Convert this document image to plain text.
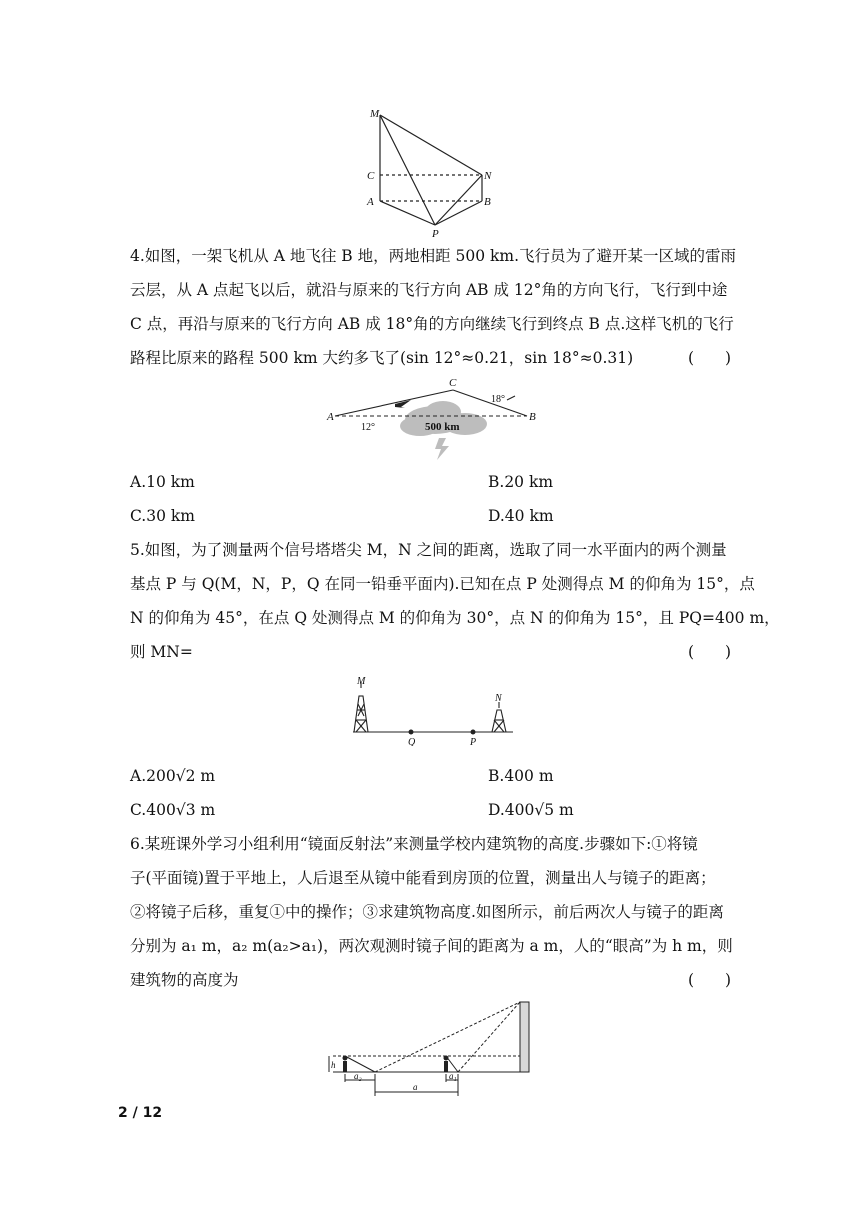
M
C
A
N
B
P
4.如图，一架飞机从 A 地飞往 B 地，两地相距 500 km.飞行员为了避开某一区域的雷雨
云层，从 A 点起飞以后，就沿与原来的飞行方向 AB 成 12°角的方向飞行，飞行到中途
C 点，再沿与原来的飞行方向 AB 成 18°角的方向继续飞行到终点 B 点.这样飞机的飞行
路程比原来的路程 500 km 大约多飞了(sin 12°≈0.21，sin 18°≈0.31)	(　　)
A	B
C
12°
18°
500 km
A.10 km	B.20 km
C.30 km	D.40 km
5.如图，为了测量两个信号塔塔尖 M，N 之间的距离，选取了同一水平面内的两个测量
基点 P 与 Q(M，N，P，Q 在同一铅垂平面内).已知在点 P 处测得点 M 的仰角为 15°，点
N 的仰角为 45°，在点 Q 处测得点 M 的仰角为 30°，点 N 的仰角为 15°，且 PQ=400 m，
则 MN=	(　　)
M
N
Q	P
A.200√2 m	B.400 m
C.400√3 m	D.400√5 m
6.某班课外学习小组利用“镜面反射法”来测量学校内建筑物的高度.步骤如下:①将镜
子(平面镜)置于平地上，人后退至从镜中能看到房顶的位置，测量出人与镜子的距离；
②将镜子后移，重复①中的操作；③求建筑物高度.如图所示，前后两次人与镜子的距离
分别为 a₁ m，a₂ m(a₂>a₁)，两次观测时镜子间的距离为 a m，人的“眼高”为 h m，则
建筑物的高度为	(　　)
h
a₂	a₁
a
2 / 12
